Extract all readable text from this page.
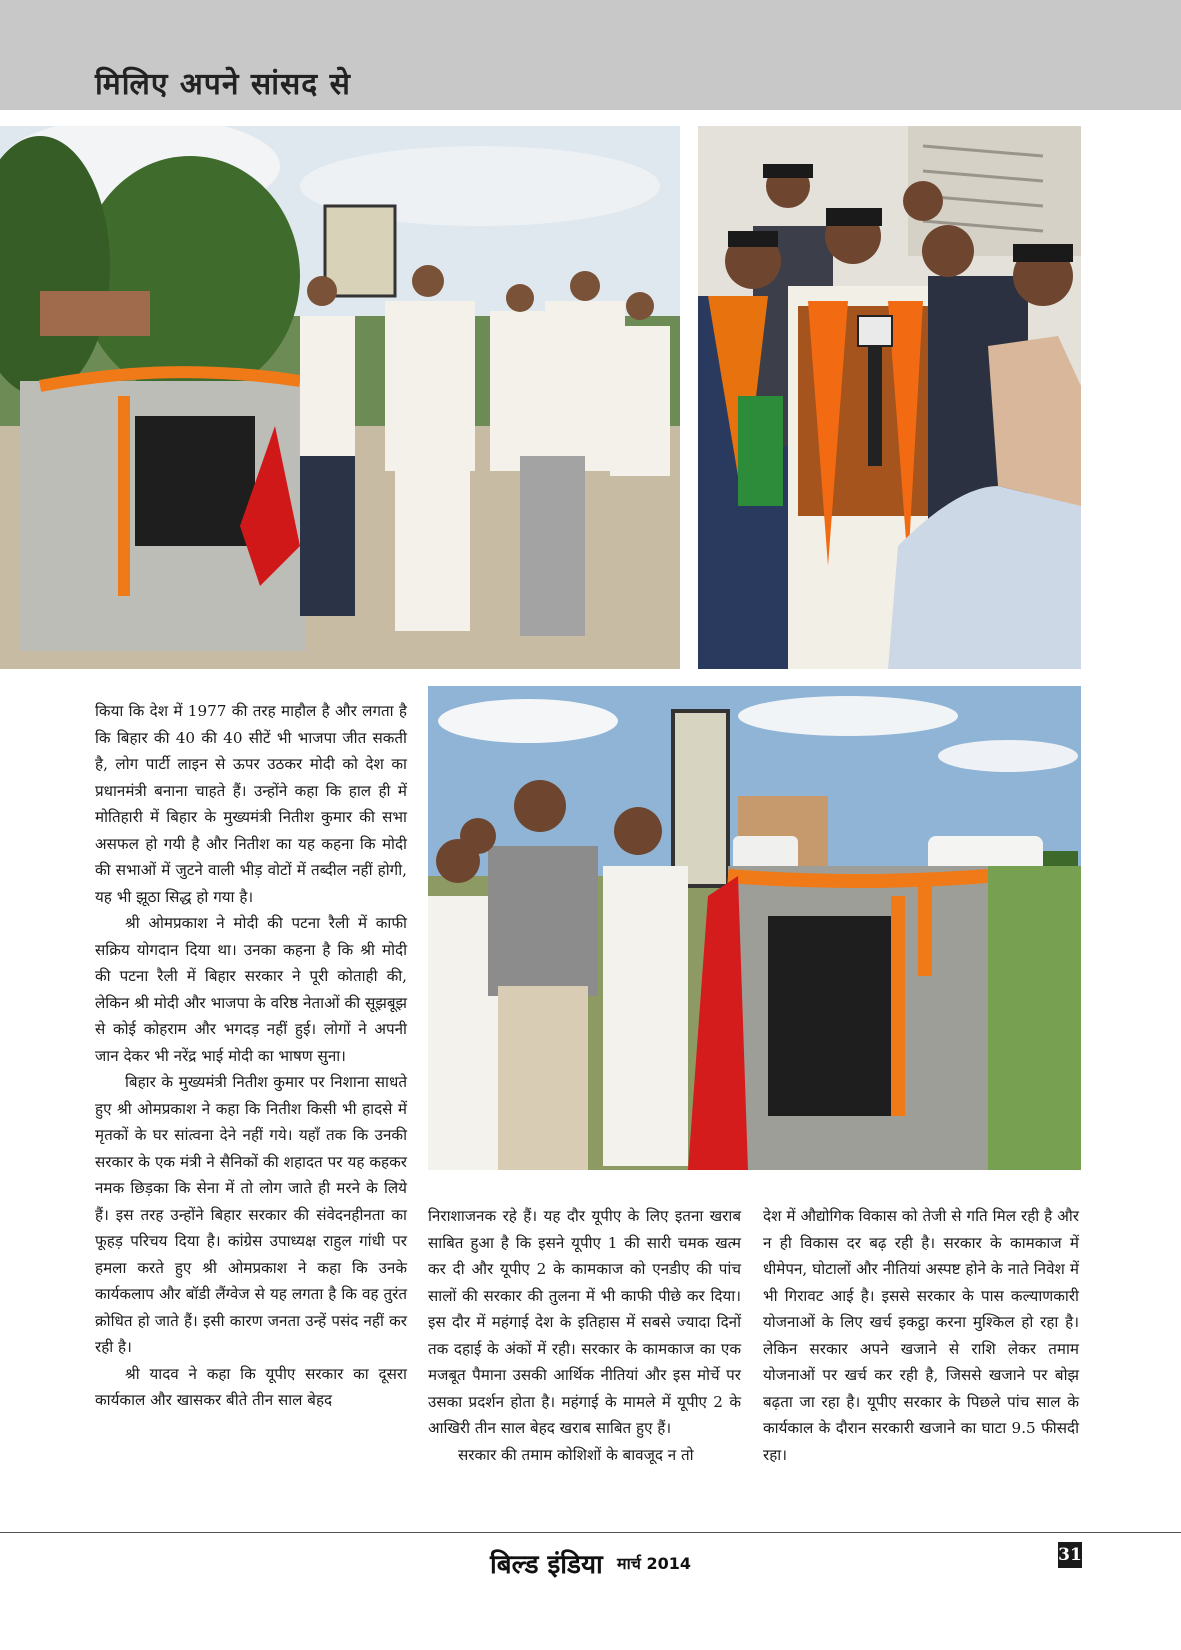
मिलिए अपने सांसद से

किया कि देश में 1977 की तरह माहौल है और लगता है कि बिहार की 40 की 40 सीटें भी भाजपा जीत सकती है, लोग पार्टी लाइन से ऊपर उठकर मोदी को देश का प्रधानमंत्री बनाना चाहते हैं। उन्होंने कहा कि हाल ही में मोतिहारी में बिहार के मुख्यमंत्री नितीश कुमार की सभा असफल हो गयी है और नितीश का यह कहना कि मोदी की सभाओं में जुटने वाली भीड़ वोटों में तब्दील नहीं होगी, यह भी झूठा सिद्ध हो गया है।

श्री ओमप्रकाश ने मोदी की पटना रैली में काफी सक्रिय योगदान दिया था। उनका कहना है कि श्री मोदी की पटना रैली में बिहार सरकार ने पूरी कोताही की, लेकिन श्री मोदी और भाजपा के वरिष्ठ नेताओं की सूझबूझ से कोई कोहराम और भगदड़ नहीं हुई। लोगों ने अपनी जान देकर भी नरेंद्र भाई मोदी का भाषण सुना।

बिहार के मुख्यमंत्री नितीश कुमार पर निशाना साधते हुए श्री ओमप्रकाश ने कहा कि नितीश किसी भी हादसे में मृतकों के घर सांत्वना देने नहीं गये। यहाँ तक कि उनकी सरकार के एक मंत्री ने सैनिकों की शहादत पर यह कहकर नमक छिड़का कि सेना में तो लोग जाते ही मरने के लिये हैं। इस तरह उन्होंने बिहार सरकार की संवेदनहीनता का फूहड़ परिचय दिया है। कांग्रेस उपाध्यक्ष राहुल गांधी पर हमला करते हुए श्री ओमप्रकाश ने कहा कि उनके कार्यकलाप और बॉडी लैंग्वेज से यह लगता है कि वह तुरंत क्रोधित हो जाते हैं। इसी कारण जनता उन्हें पसंद नहीं कर रही है।

श्री यादव ने कहा कि यूपीए सरकार का दूसरा कार्यकाल और खासकर बीते तीन साल बेहद

निराशाजनक रहे हैं। यह दौर यूपीए के लिए इतना खराब साबित हुआ है कि इसने यूपीए 1 की सारी चमक खत्म कर दी और यूपीए 2 के कामकाज को एनडीए की पांच सालों की सरकार की तुलना में भी काफी पीछे कर दिया। इस दौर में महंगाई देश के इतिहास में सबसे ज्यादा दिनों तक दहाई के अंकों में रही। सरकार के कामकाज का एक मजबूत पैमाना उसकी आर्थिक नीतियां और इस मोर्चे पर उसका प्रदर्शन होता है। महंगाई के मामले में यूपीए 2 के आखिरी तीन साल बेहद खराब साबित हुए हैं।

सरकार की तमाम कोशिशों के बावजूद न तो

देश में औद्योगिक विकास को तेजी से गति मिल रही है और न ही विकास दर बढ़ रही है। सरकार के कामकाज में धीमेपन, घोटालों और नीतियां अस्पष्ट होने के नाते निवेश में भी गिरावट आई है। इससे सरकार के पास कल्याणकारी योजनाओं के लिए खर्च इकट्ठा करना मुश्किल हो रहा है। लेकिन सरकार अपने खजाने से राशि लेकर तमाम योजनाओं पर खर्च कर रही है, जिससे खजाने पर बोझ बढ़ता जा रहा है। यूपीए सरकार के पिछले पांच साल के कार्यकाल के दौरान सरकारी खजाने का घाटा 9.5 फीसदी रहा।

बिल्ड इंडिया मार्च 2014	31
